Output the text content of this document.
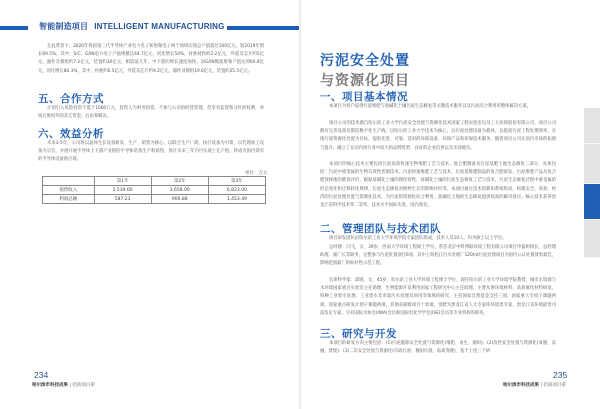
智能制造项目 INTELLIGENT MANUFACTURING

在此背景下，2020年我国第三代半导体产业电力电子和射频电子两个领域实现总产值超过100亿元，较2019年增长69.5%，其中，SiC、GAN电力电子产值规模达44.7亿元，同比增长54%，衬底材料约2.2亿元，外延及芯片约5亿元，器件及模组约7.2亿元，装置约30亿元，相较前几年，中下游的增长速度加快。而GAN微波射频产值达到60.8亿元，同比增长80.3%，其中，衬底约6.5亿元，外延及芯片约9.2亿元，器件及模组19.6亿元，装置约25.5亿元。

五、合作方式

计划引入风险投资不低于1000万元，投资人为财务投资，不参与公司的经营管理，但享有监督和分红的权利，单间后股权外的其它资金，后由筹解决。

六、效益分析

未来3-5年，公司将以晶体生长设备研发、生产、销售为核心，以联合生产厂商、执行设备为引领，以代理加工设备为宗旨，并展开通半导体上下游产业链的半导体装备生产和销售，预计未来三年内可实现上亿产值，转成为国内领军的半导体设备供应商。

单位：万元
	第1年	第2年	第3年
销售收入	2,539.00	3,658.00	6,823.00
利润总额	587.23	900.88	1,453.49
234
哈尔滨市科技成果 | 招商项目册
污泥安全处置
与资源化项目
一、项目基本情况

本项目为客户提供污泥堆肥与盐碱化土壤污泥生态修复等关键技术服务以及污泥综合利用的整体解决方案。

项目公司的技术源自哈尔滨工业大学污泥安全处置与资源化技术国家工程实验室以及工大环境股份有限公司，项目公司拥有完善设备及制造数字化生产线，以哈尔滨工业大学技术为核心，以污泥处理设备为载体，以提高污泥工程处理效率，实现污泥资源化处置为目标，提供先进、可靠、适用的环保设备、环保产品和环保技术服务，随着项目公司在国内市场的拓展与提升，确立了在国内同行业中较大的品牌优势、良好的企业信誉以及市场地位。

本项目的核心技术主要包括污泥高效快速生物堆肥工艺与技术、复合肥制备及污泥基肥土地生态修复三部分，具体包括：污泥中重金属的生物有效性控制技术，污泥快速堆肥工艺与技术，污泥基堆肥制品的复合肥研发，污泥堆肥产品及复合肥效林地的肥效评价，跟踪盐碱化土壤的理化特性，盐碱化土壤的污泥生态修复工艺与技术，污泥生态修复过程中重金属的形态变化和迁移转化规律，污泥生态修复对植物生长的影响评价等。本项目通过技术创新和系统集成，构建安全、高效、经济的污泥处理处置与资源化技术，为污泥的资源化综合利用、盐碱化土地的生态修复提供高效的解决途径。核心技术获得黑龙江省科学技术奖二等奖，技术水平国际先进、国内领先。

二、管理团队与技术团队

项目研发团队由哈尔滨工业大学环境学院专家团队组成，技术人员10人，均为硕士以上学历。

总经理：闫飞，女，39岁，西南大学环境工程硕士学位，曾任北京中科博联环境工程有限公司项目申报组组长、总经理助理、副厂长等职务，完整参与污泥处置项目6项，其中上海松江污水处理厂120t/d污泥处理项目为国内公认处置效果最佳，影响范围最广的标杆性示范工程。

首席科学家：邱晴，女，45岁，哈尔滨工业大学环境工程博士学位，现任哈尔滨工业大学环境学院教授，城市水资源与水环境国家重点实验室主任助理，生物能源开发利用国家工程研究中心主任助理，主要从事环境材料、高效催化材料研发、特种工业废水处理、工业废水及市政污水处理及回用等领域的研究，主持国家自然基金支持三项，国家重大专项子课题两项，国家重点研发计划子课题两项，其他省部级项目十余项。受聘为黑龙江省人大专家库环境类专家，黑龙江省环境损害司法鉴定专家，另有国际水协会(IWA)会员和国际电化学学会(ISE)会员等专业机构的职务。

三、研究与开发

本项目的研发方向主要包括：(1)污泥脱除安全处置与资源化(堆肥、再生、烟闷)；(2)改性安全处置与资源化(氧脱、冻融、焚烧)；(3)二次安全处置与资源化(市政污泥、餐厨垃圾、畜禽粪便)，基于上述三个研

235
哈尔滨市科技成果 | 招商项目册
